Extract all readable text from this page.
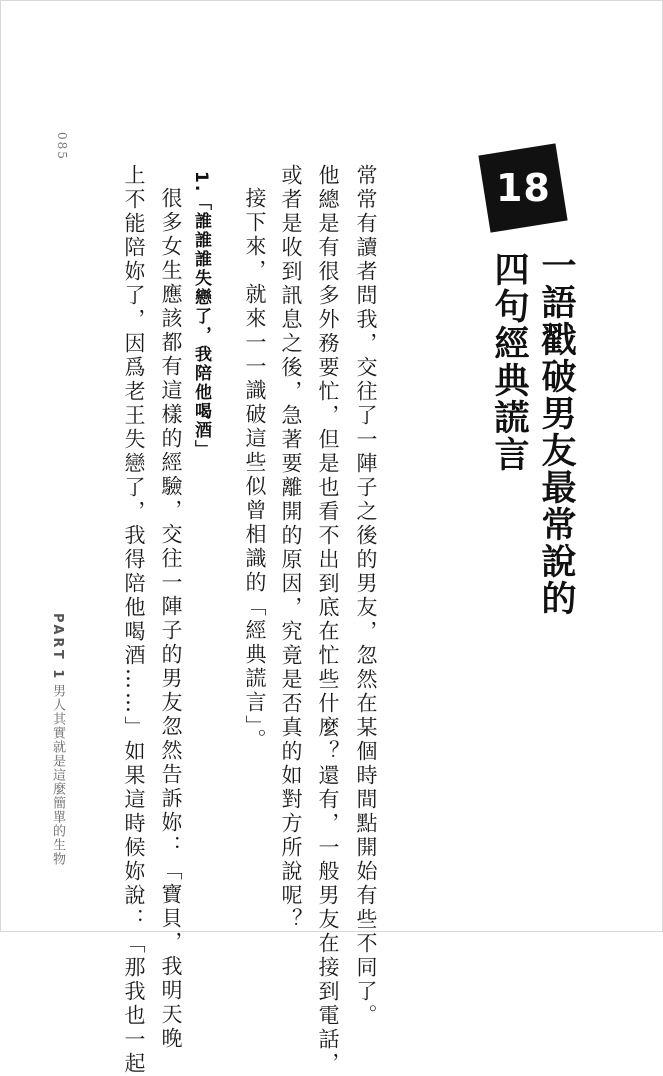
18
一語戳破男友最常說的
四句經典謊言
常常有讀者問我，交往了一陣子之後的男友，忽然在某個時間點開始有些不同了。
他總是有很多外務要忙，但是也看不出到底在忙些什麼？還有，一般男友在接到電話，
或者是收到訊息之後，急著要離開的原因，究竟是否真的如對方所說呢？
接下來，就來一一識破這些似曾相識的「經典謊言」。
1.「誰誰誰失戀了，我陪他喝酒」
很多女生應該都有這樣的經驗，交往一陣子的男友忽然告訴妳：「寶貝，我明天晚
上不能陪妳了，因爲老王失戀了，我得陪他喝酒……」如果這時候妳說：「那我也一起
085
PART 1
男人其實就是這麼簡單的生物
